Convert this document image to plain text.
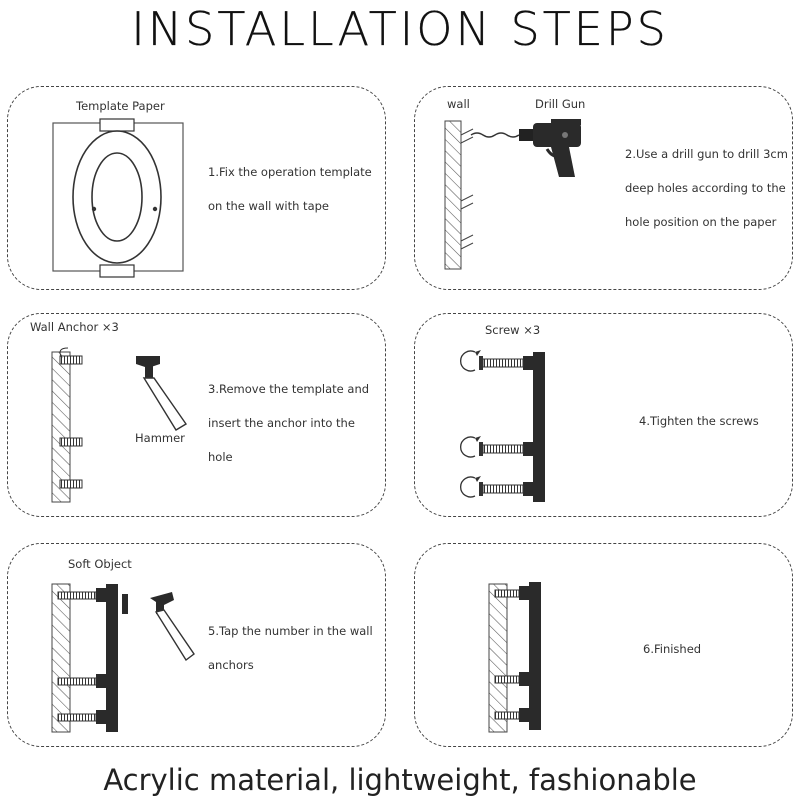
INSTALLATION STEPS
Template Paper
1.Fix the operation template
on the wall with tape
wall	Drill Gun
2.Use a drill gun to drill 3cm
deep holes according to the
hole position on the paper
Wall Anchor ×3
Hammer
3.Remove the template and
insert the anchor into the
hole
Screw ×3
4.Tighten the screws
Soft Object
5.Tap the number in the wall
anchors
6.Finished
Acrylic material, lightweight, fashionable
